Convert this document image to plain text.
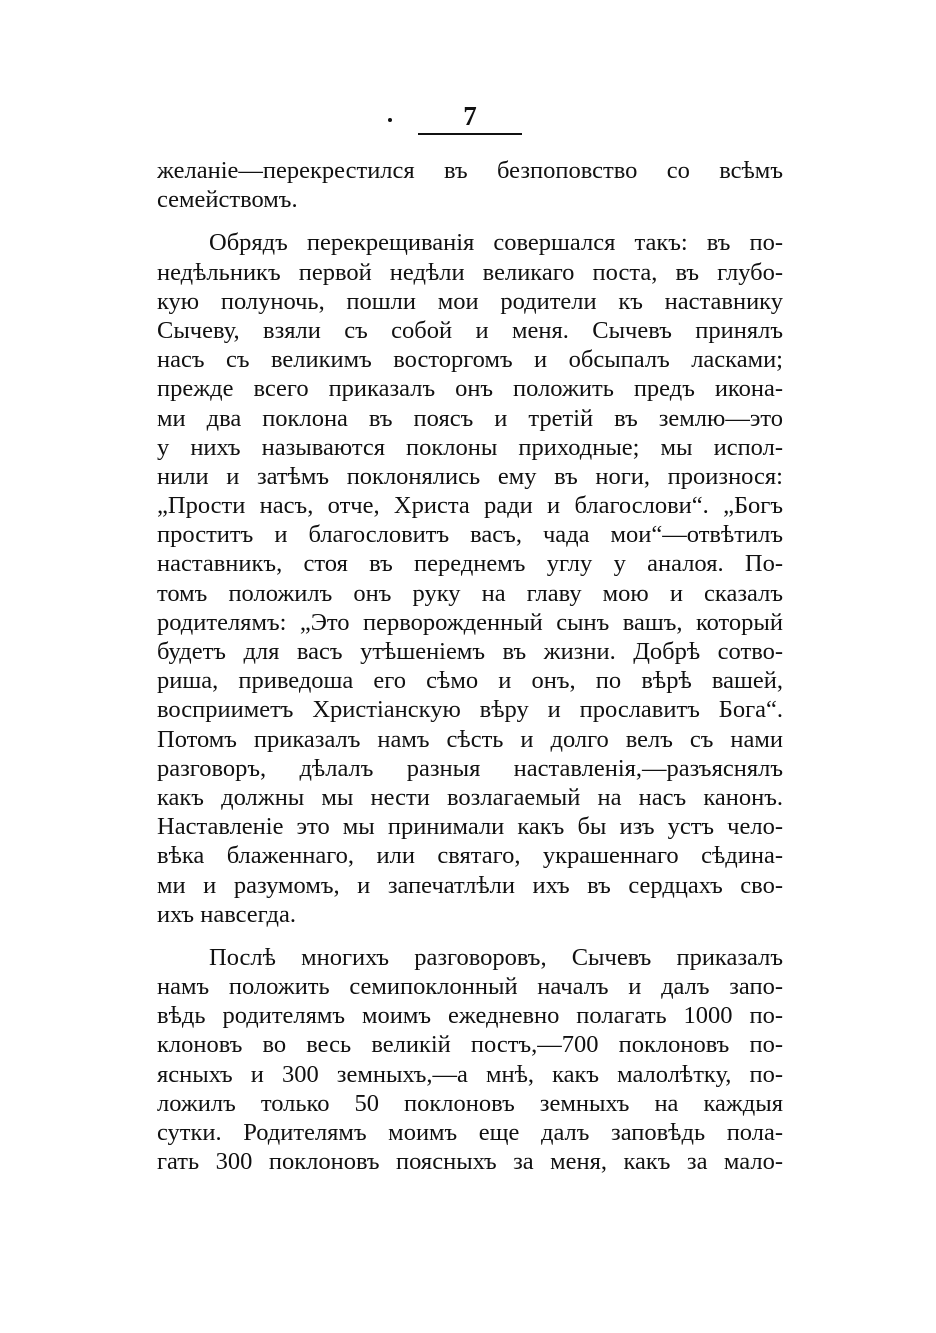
7
желаніе—перекрестился въ безпоповство со всѣмъ
семействомъ.
Обрядъ перекрещиванія совершался такъ: въ по-
недѣльникъ первой недѣли великаго поста, въ глубо-
кую полуночь, пошли мои родители къ наставнику
Сычеву, взяли съ собой и меня. Сычевъ принялъ
насъ съ великимъ восторгомъ и обсыпалъ ласками;
прежде всего приказалъ онъ положить предъ икона-
ми два поклона въ поясъ и третій въ землю—это
у нихъ называются поклоны приходные; мы испол-
нили и затѣмъ поклонялись ему въ ноги, произнося:
„Прости насъ, отче, Христа ради и благослови“. „Богъ
проститъ и благословитъ васъ, чада мои“—отвѣтилъ
наставникъ, стоя въ переднемъ углу у аналоя. По-
томъ положилъ онъ руку на главу мою и сказалъ
родителямъ: „Это перворожденный сынъ вашъ, который
будетъ для васъ утѣшеніемъ въ жизни. Добрѣ сотво-
риша, приведоша его сѣмо и онъ, по вѣрѣ вашей,
восприиметъ Христіанскую вѣру и прославитъ Бога“.
Потомъ приказалъ намъ сѣсть и долго велъ съ нами
разговоръ, дѣлалъ разныя наставленія,—разъяснялъ
какъ должны мы нести возлагаемый на насъ канонъ.
Наставленіе это мы принимали какъ бы изъ устъ чело-
вѣка блаженнаго, или святаго, украшеннаго сѣдина-
ми и разумомъ, и запечатлѣли ихъ въ сердцахъ сво-
ихъ навсегда.
Послѣ многихъ разговоровъ, Сычевъ приказалъ
намъ положить семипоклонный началъ и далъ запо-
вѣдь родителямъ моимъ ежедневно полагать 1000 по-
клоновъ во весь великій постъ,—700 поклоновъ по-
ясныхъ и 300 земныхъ,—а мнѣ, какъ малолѣтку, по-
ложилъ только 50 поклоновъ земныхъ на каждыя
сутки. Родителямъ моимъ еще далъ заповѣдь пола-
гать 300 поклоновъ поясныхъ за меня, какъ за мало-
